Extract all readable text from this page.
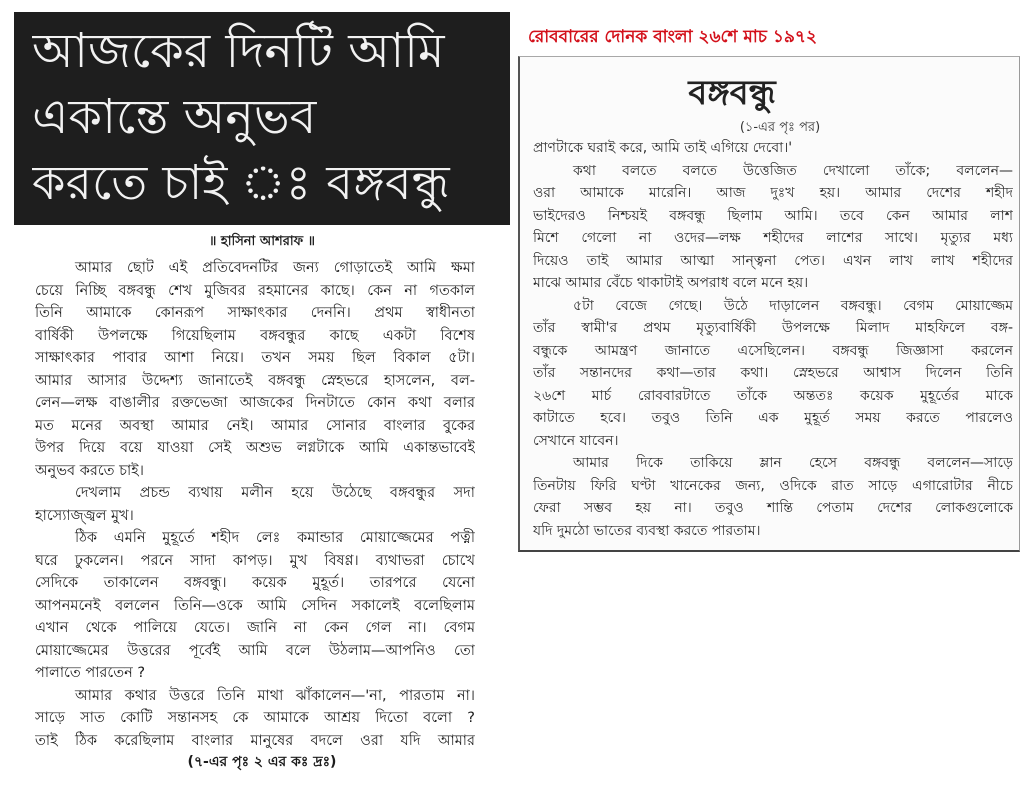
আজকের দিনটি আমি
একান্তে অনুভব
করতে চাই ঃ বঙ্গবন্ধু
॥ হাসিনা আশরাফ ॥
আমার ছোট এই প্রতিবেদনটির জন্য গোড়াতেই আমি ক্ষমা
চেয়ে নিচ্ছি বঙ্গবন্ধু শেখ মুজিবর রহমানের কাছে। কেন না গতকাল
তিনি আমাকে কোনরূপ সাক্ষাৎকার দেননি। প্রথম স্বাধীনতা
বার্ষিকী উপলক্ষে গিয়েছিলাম বঙ্গবন্ধুর কাছে একটা বিশেষ
সাক্ষাৎকার পাবার আশা নিয়ে। তখন সময় ছিল বিকাল ৫টা।
আমার আসার উদ্দেশ্য জানাতেই বঙ্গবন্ধু স্নেহভরে হাসলেন, বল-
লেন—লক্ষ বাঙালীর রক্তভেজা আজকের দিনটাতে কোন কথা বলার
মত মনের অবস্থা আমার নেই। আমার সোনার বাংলার বুকের
উপর দিয়ে বয়ে যাওয়া সেই অশুভ লগ্নটাকে আমি একান্তভাবেই
অনুভব করতে চাই।
দেখলাম প্রচন্ড ব্যথায় মলীন হয়ে উঠেছে বঙ্গবন্ধুর সদা
হাস্যোজ্জ্বল মুখ।
ঠিক এমনি মুহূর্তে শহীদ লেঃ কমান্ডার মোয়াজ্জেমের পত্নী
ঘরে ঢুকলেন। পরনে সাদা কাপড়। মুখ বিষণ্ণ। ব্যথাভরা চোখে
সেদিকে তাকালেন বঙ্গবন্ধু। কয়েক মুহূর্ত। তারপরে যেনো
আপনমনেই বললেন তিনি—ওকে আমি সেদিন সকালেই বলেছিলাম
এখান থেকে পালিয়ে যেতে। জানি না কেন গেল না। বেগম
মোয়াজ্জেমের উত্তরের পূর্বেই আমি বলে উঠলাম—আপনিও তো
পালাতে পারতেন ?
আমার কথার উত্তরে তিনি মাথা ঝাঁকালেন—'না, পারতাম না।
সাড়ে সাত কোটি সন্তানসহ কে আমাকে আশ্রয় দিতো বলো ?
তাই ঠিক করেছিলাম বাংলার মানুষের বদলে ওরা যদি আমার
(৭-এর পৃঃ ২ এর কঃ দ্রঃ)
রোববারের দোনক বাংলা ২৬শে মাচ ১৯৭২
বঙ্গবন্ধু
(১-এর পৃঃ পর)
প্রাণটাকে ঘরাই করে, আমি তাই এগিয়ে দেবো।'
কথা বলতে বলতে উত্তেজিত দেখালো তাঁকে; বললেন—
ওরা আমাকে মারেনি। আজ দুঃখ হয়। আমার দেশের শহীদ
ভাইদেরও নিশ্চয়ই বঙ্গবন্ধু ছিলাম আমি। তবে কেন আমার লাশ
মিশে গেলো না ওদের—লক্ষ শহীদের লাশের সাথে। মৃত্যুর মধ্য
দিয়েও তাই আমার আত্মা সান্ত্বনা পেত। এখন লাখ লাখ শহীদের
মাঝে আমার বেঁচে থাকাটাই অপরাধ বলে মনে হয়।
৫টা বেজে গেছে। উঠে দাড়ালেন বঙ্গবন্ধু। বেগম মোয়াজ্জেম
তাঁর স্বামী'র প্রথম মৃত্যুবার্ষিকী উপলক্ষে মিলাদ মাহফিলে বঙ্গ-
বন্ধুকে আমন্ত্রণ জানাতে এসেছিলেন। বঙ্গবন্ধু জিজ্ঞাসা করলেন
তাঁর সন্তানদের কথা—তার কথা। স্নেহভরে আশ্বাস দিলেন তিনি
২৬শে মার্চ রোববারটাতে তাঁকে অন্ততঃ কয়েক মুহূর্তের মাকে
কাটাতে হবে। তবুও তিনি এক মুহূর্ত সময় করতে পারলেও
সেখানে যাবেন।
আমার দিকে তাকিয়ে ম্লান হেসে বঙ্গবন্ধু বললেন—সাড়ে
তিনটায় ফিরি ঘণ্টা খানেকের জন্য, ওদিকে রাত সাড়ে এগারোটার নীচে
ফেরা সম্ভব হয় না। তবুও শান্তি পেতাম দেশের লোকগুলোকে
যদি দুমঠো ভাতের ব্যবস্থা করতে পারতাম।
